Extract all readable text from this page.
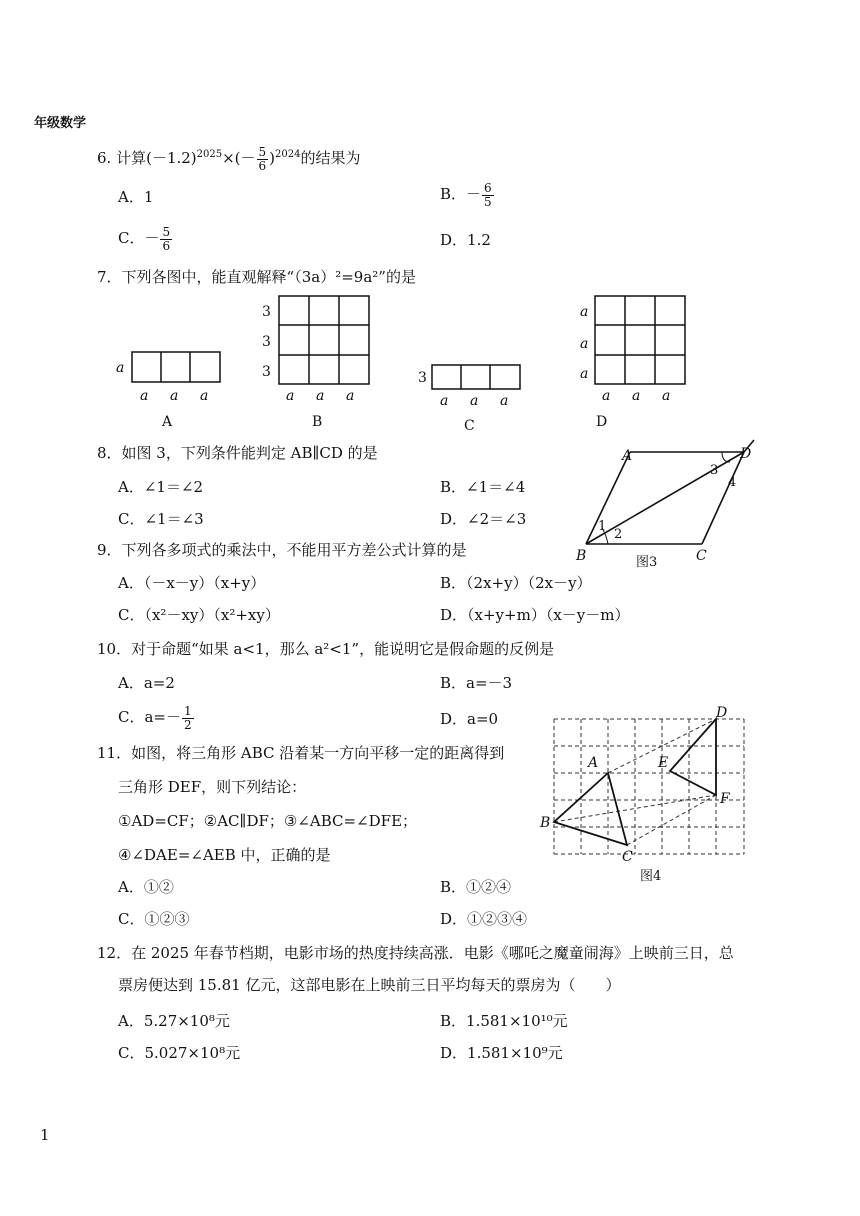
年级数学
6. 计算$(-1.2)^{2025}\times(- \frac{5}{6} )^{2024}$的结果为
A．1	B．－ $\frac{6}{5}$
C．－ $\frac{5}{6}$	D．1.2
7．下列各图中，能直观解释“（3a）²=9a²”的是
a
a a a
A
3
3
3
a a a
B
3
a a a
C
a
a
a
a a a
D
8．如图 3，下列条件能判定 AB∥CD 的是
A．∠1＝∠2	B．∠1＝∠4
C．∠1＝∠3	D．∠2＝∠3
A	D
B	C
1
2
3
4
图3
9．下列各多项式的乘法中，不能用平方差公式计算的是
A．（－x－y）（x+y）	B．（2x+y）（2x－y）
C．（x²－xy）（x²+xy）	D．（x+y+m）（x－y－m）
10．对于命题“如果 a<1，那么 a²<1”，能说明它是假命题的反例是
A．a=2	B．a=－3
C．$a=- \frac{1}{2}$	D．a=0
11．如图，将三角形 ABC 沿着某一方向平移一定的距离得到
三角形 DEF，则下列结论：
①AD=CF；②AC∥DF；③∠ABC=∠DFE；
④∠DAE=∠AEB 中，正确的是
A．①②	B．①②④
C．①②③	D．①②③④
D
A	E
F
B
C
图4
12．在 2025 年春节档期，电影市场的热度持续高涨．电影《哪吒之魔童闹海》上映前三日，总
票房便达到 15.81 亿元，这部电影在上映前三日平均每天的票房为（　　）
A．5.27×10⁸元	B．1.581×10¹⁰元
C．5.027×10⁸元	D．1.581×10⁹元
1
